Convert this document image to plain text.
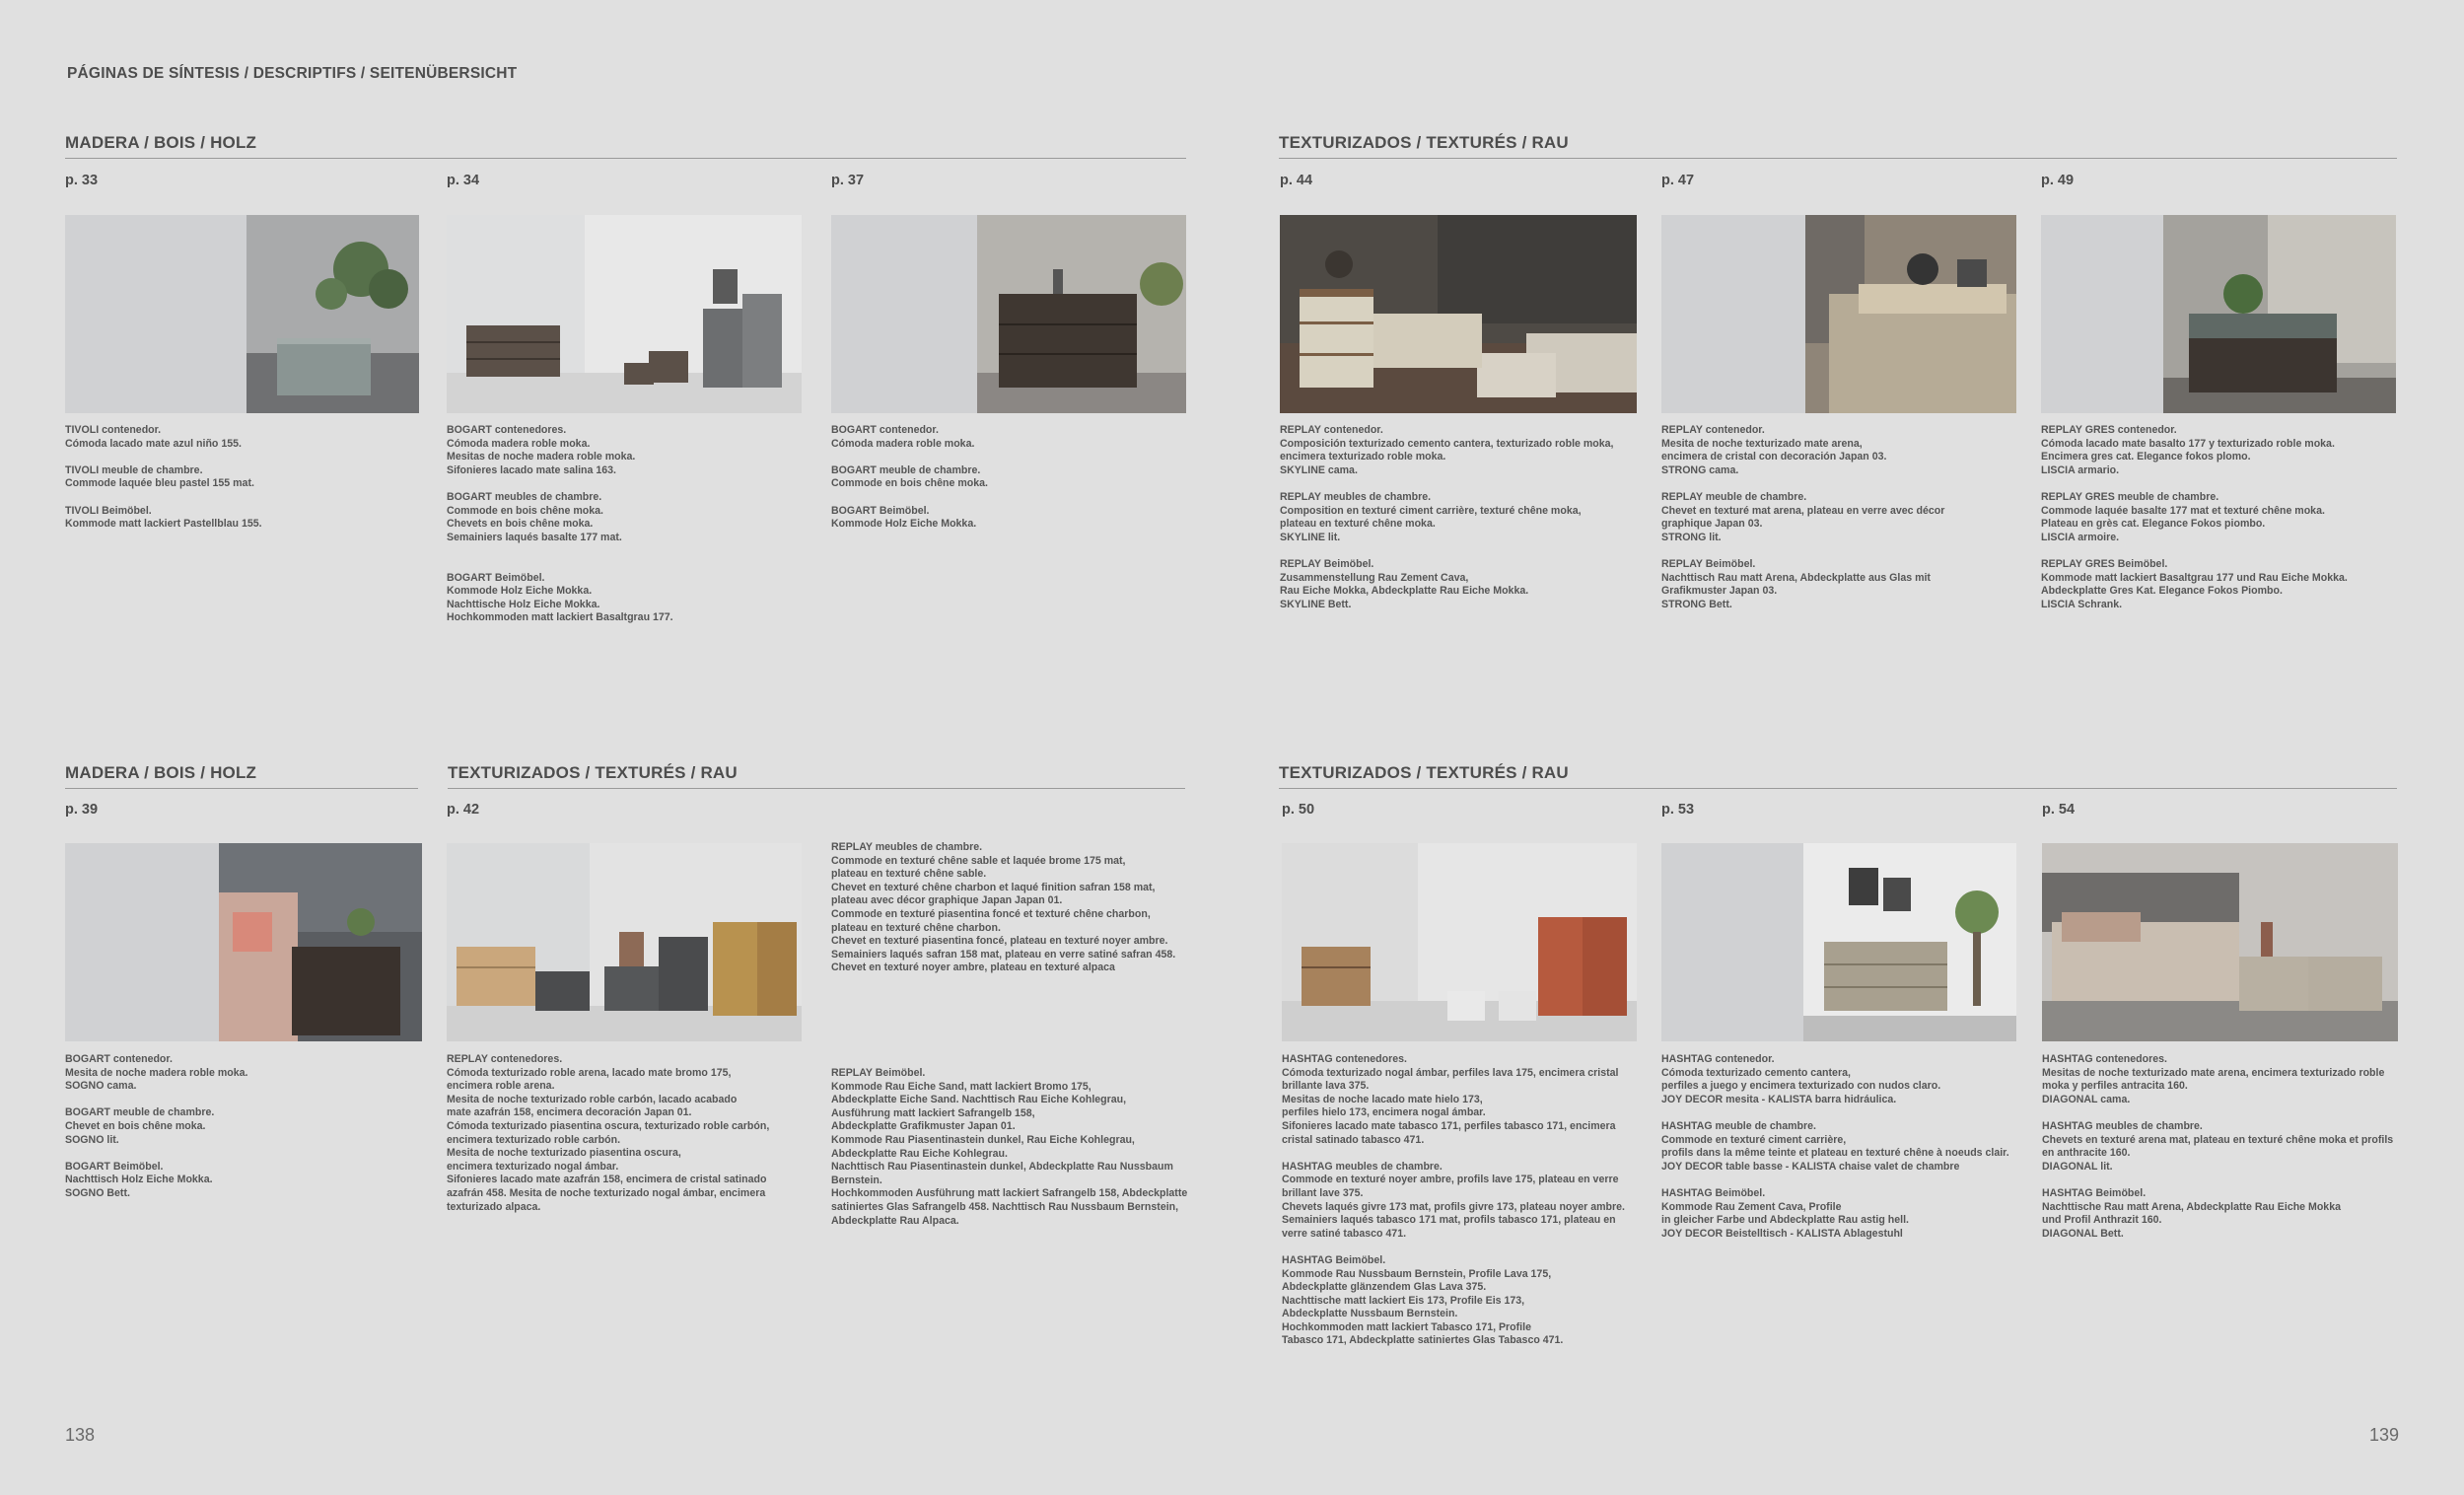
PÁGINAS DE SÍNTESIS / DESCRIPTIFS / SEITENÜBERSICHT
MADERA / BOIS / HOLZ	TEXTURIZADOS / TEXTURÉS / RAU
MADERA / BOIS / HOLZ	TEXTURIZADOS / TEXTURÉS / RAU	TEXTURIZADOS / TEXTURÉS / RAU
p. 33
TIVOLI contenedor.
Cómoda lacado mate azul niño 155.

TIVOLI meuble de chambre.
Commode laquée bleu pastel 155 mat.

TIVOLI Beimöbel.
Kommode matt lackiert Pastellblau 155.
p. 34
BOGART contenedores.
Cómoda madera roble moka.
Mesitas de noche madera roble moka.
Sifonieres lacado mate salina 163.

BOGART meubles de chambre.
Commode en bois chêne moka.
Chevets en bois chêne moka.
Semainiers laqués basalte 177 mat.

BOGART Beimöbel.
Kommode Holz Eiche Mokka.
Nachttische Holz Eiche Mokka.
Hochkommoden matt lackiert Basaltgrau 177.
p. 37
BOGART contenedor.
Cómoda madera roble moka.

BOGART meuble de chambre.
Commode en bois chêne moka.

BOGART Beimöbel.
Kommode Holz Eiche Mokka.
p. 44
REPLAY contenedor.
Composición texturizado cemento cantera, texturizado roble moka,
encimera texturizado roble moka.
SKYLINE cama.

REPLAY meubles de chambre.
Composition en texturé ciment carrière, texturé chêne moka,
plateau en texturé chêne moka.
SKYLINE lit.

REPLAY Beimöbel.
Zusammenstellung Rau Zement Cava,
Rau Eiche Mokka, Abdeckplatte Rau Eiche Mokka.
SKYLINE Bett.
p. 47
REPLAY contenedor.
Mesita de noche texturizado mate arena,
encimera de cristal con decoración Japan 03.
STRONG cama.

REPLAY meuble de chambre.
Chevet en texturé mat arena, plateau en verre avec décor
graphique Japan 03.
STRONG lit.

REPLAY Beimöbel.
Nachttisch Rau matt Arena, Abdeckplatte aus Glas mit
Grafikmuster Japan 03.
STRONG Bett.
p. 49
REPLAY GRES contenedor.
Cómoda lacado mate basalto 177 y texturizado roble moka.
Encimera gres cat. Elegance fokos plomo.
LISCIA armario.

REPLAY GRES meuble de chambre.
Commode laquée basalte 177 mat et texturé chêne moka.
Plateau en grès cat. Elegance Fokos piombo.
LISCIA armoire.

REPLAY GRES Beimöbel.
Kommode matt lackiert Basaltgrau 177 und Rau Eiche Mokka.
Abdeckplatte Gres Kat. Elegance Fokos Piombo.
LISCIA Schrank.
p. 39
BOGART contenedor.
Mesita de noche madera roble moka.
SOGNO cama.

BOGART meuble de chambre.
Chevet en bois chêne moka.
SOGNO lit.

BOGART Beimöbel.
Nachttisch Holz Eiche Mokka.
SOGNO Bett.
p. 42
REPLAY contenedores.
Cómoda texturizado roble arena, lacado mate bromo 175,
encimera roble arena.
Mesita de noche texturizado roble carbón, lacado acabado
mate azafrán 158, encimera decoración Japan 01.
Cómoda texturizado piasentina oscura, texturizado roble carbón,
encimera texturizado roble carbón.
Mesita de noche texturizado piasentina oscura,
encimera texturizado nogal ámbar.
Sifonieres lacado mate azafrán 158, encimera de cristal satinado
azafrán 458. Mesita de noche texturizado nogal ámbar, encimera
texturizado alpaca.
REPLAY meubles de chambre.
Commode en texturé chêne sable et laquée brome 175 mat,
plateau en texturé chêne sable.
Chevet en texturé chêne charbon et laqué finition safran 158 mat,
plateau avec décor graphique Japan Japan 01.
Commode en texturé piasentina foncé et texturé chêne charbon,
plateau en texturé chêne charbon.
Chevet en texturé piasentina foncé, plateau en texturé noyer ambre.
Semainiers laqués safran 158 mat, plateau en verre satiné safran 458.
Chevet en texturé noyer ambre, plateau en texturé alpaca
REPLAY Beimöbel.
Kommode Rau Eiche Sand, matt lackiert Bromo 175,
Abdeckplatte Eiche Sand. Nachttisch Rau Eiche Kohlegrau,
Ausführung matt lackiert Safrangelb 158,
Abdeckplatte Grafikmuster Japan 01.
Kommode Rau Piasentinastein dunkel, Rau Eiche Kohlegrau,
Abdeckplatte Rau Eiche Kohlegrau.
Nachttisch Rau Piasentinastein dunkel, Abdeckplatte Rau Nussbaum
Bernstein.
Hochkommoden Ausführung matt lackiert Safrangelb 158, Abdeckplatte
satiniertes Glas Safrangelb 458. Nachttisch Rau Nussbaum Bernstein,
Abdeckplatte Rau Alpaca.
p. 50
HASHTAG contenedores.
Cómoda texturizado nogal ámbar, perfiles lava 175, encimera cristal
brillante lava 375.
Mesitas de noche lacado mate hielo 173,
perfiles hielo 173, encimera nogal ámbar.
Sifonieres lacado mate tabasco 171, perfiles tabasco 171, encimera
cristal satinado tabasco 471.

HASHTAG meubles de chambre.
Commode en texturé noyer ambre, profils lave 175, plateau en verre
brillant lave 375.
Chevets laqués givre 173 mat, profils givre 173, plateau noyer ambre.
Semainiers laqués tabasco 171 mat, profils tabasco 171, plateau en
verre satiné tabasco 471.

HASHTAG Beimöbel.
Kommode Rau Nussbaum Bernstein, Profile Lava 175,
Abdeckplatte glänzendem Glas Lava 375.
Nachttische matt lackiert Eis 173, Profile Eis 173,
Abdeckplatte Nussbaum Bernstein.
Hochkommoden matt lackiert Tabasco 171, Profile
Tabasco 171, Abdeckplatte satiniertes Glas Tabasco 471.
p. 53
HASHTAG contenedor.
Cómoda texturizado cemento cantera,
perfiles a juego y encimera texturizado con nudos claro.
JOY DECOR mesita - KALISTA barra hidráulica.

HASHTAG meuble de chambre.
Commode en texturé ciment carrière,
profils dans la même teinte et plateau en texturé chêne à noeuds clair.
JOY DECOR table basse - KALISTA chaise valet de chambre

HASHTAG Beimöbel.
Kommode Rau Zement Cava, Profile
in gleicher Farbe und Abdeckplatte Rau astig hell.
JOY DECOR Beistelltisch - KALISTA Ablagestuhl
p. 54
HASHTAG contenedores.
Mesitas de noche texturizado mate arena, encimera texturizado roble
moka y perfiles antracita 160.
DIAGONAL cama.

HASHTAG meubles de chambre.
Chevets en texturé arena mat, plateau en texturé chêne moka et profils
en anthracite 160.
DIAGONAL lit.

HASHTAG Beimöbel.
Nachttische Rau matt Arena, Abdeckplatte Rau Eiche Mokka
und Profil Anthrazit 160.
DIAGONAL Bett.
138	139
